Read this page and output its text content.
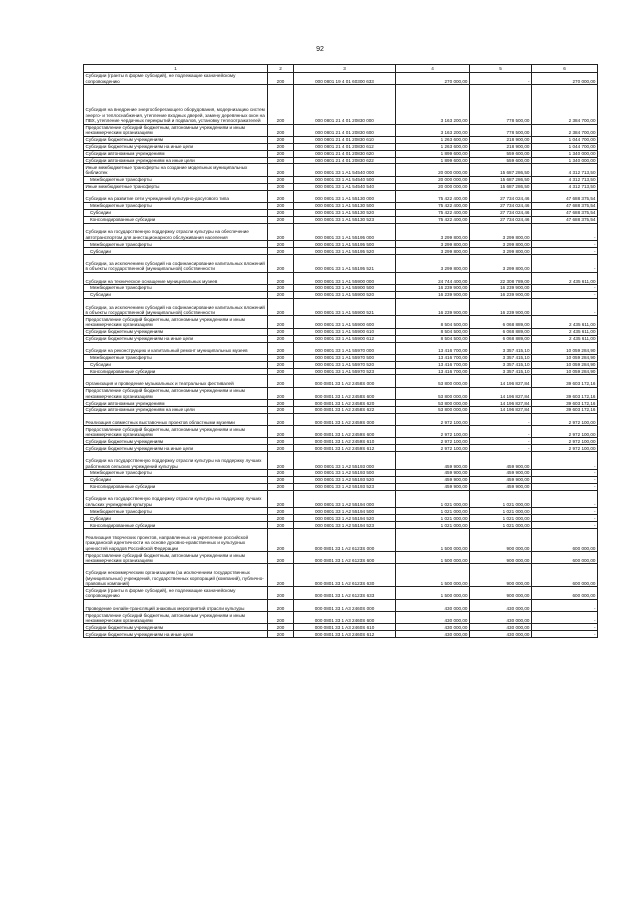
92
1	2	3	4	5	6
Субсидии (гранты в форме субсидий), не подлежащие казначейскому сопровождению	200	000 0801 19 4 01 60300 633	270 000,00	-	270 000,00
Субсидия на внедрение энергосберегающего оборудования, модернизацию систем энерго- и теплоснабжения, утепление входных дверей, замену деревянных окон на ПВХ, утепление чердачных перекрытий и подвалов, установку теплоотражателей	200	000 0801 21 4 01 20830 000	3 163 200,00	778 500,00	2 384 700,00
Предоставление субсидий бюджетным, автономным учреждениям и иным некоммерческим организациям	200	000 0801 21 4 01 20830 600	3 163 200,00	778 500,00	2 384 700,00
Субсидии бюджетным учреждениям	200	000 0801 21 4 01 20830 610	1 263 600,00	218 900,00	1 044 700,00
Субсидии бюджетным учреждениям на иные цели	200	000 0801 21 4 01 20830 612	1 263 600,00	218 900,00	1 044 700,00
Субсидии автономным учреждениям	200	000 0801 21 4 01 20830 620	1 899 600,00	559 600,00	1 340 000,00
Субсидии автономным учреждениям на иные цели	200	000 0801 21 4 01 20830 622	1 899 600,00	559 600,00	1 340 000,00
Иные межбюджетные трансферты на создание модельных муниципальных библиотек	200	000 0801 33 1 A1 54540 000	20 000 000,00	15 687 286,50	4 312 713,50
Межбюджетные трансферты	200	000 0801 33 1 A1 54540 500	20 000 000,00	15 687 286,50	4 312 713,50
Иные межбюджетные трансферты	200	000 0801 33 1 A1 54540 540	20 000 000,00	15 687 286,50	4 312 713,50
Субсидии на развитие сети учреждений культурно-досугового типа	200	000 0801 33 1 A1 55130 000	75 422 400,00	27 734 024,46	47 688 375,54
Межбюджетные трансферты	200	000 0801 33 1 A1 55130 500	75 422 400,00	27 734 024,46	47 688 375,54
Субсидии	200	000 0801 33 1 A1 55130 520	75 422 400,00	27 734 024,46	47 688 375,54
Консолидированные субсидии	200	000 0801 33 1 A1 55130 523	75 422 400,00	27 734 024,46	47 688 375,54
Субсидии на государственную поддержку отрасли культуры на обеспечение автотранспортом для анестационарного обслуживания населения	200	000 0801 33 1 A1 55195 000	3 299 800,00	3 299 800,00	-
Межбюджетные трансферты	200	000 0801 33 1 A1 55195 500	3 299 800,00	3 299 800,00	-
Субсидии	200	000 0801 33 1 A1 55195 520	3 299 800,00	3 299 800,00	-
Субсидии, за исключением субсидий на софинансирование капитальных вложений в объекты государственной (муниципальной) собственности	200	000 0801 33 1 A1 55195 521	3 299 800,00	3 299 800,00	-
Субсидии на техническое оснащение муниципальных музеев	200	000 0801 33 1 A1 55900 000	24 744 400,00	22 308 789,00	2 435 611,00
Межбюджетные трансферты	200	000 0801 33 1 A1 55900 500	16 239 900,00	16 239 900,00	-
Субсидии	200	000 0801 33 1 A1 55900 520	16 239 900,00	16 239 900,00	-
Субсидии, за исключением субсидий на софинансирование капитальных вложений в объекты государственной (муниципальной) собственности	200	000 0801 33 1 A1 55900 521	16 239 900,00	16 239 900,00	-
Предоставление субсидий бюджетным, автономным учреждениям и иным некоммерческим организациям	200	000 0801 33 1 A1 55900 600	8 504 500,00	6 068 889,00	2 435 611,00
Субсидии бюджетным учреждениям	200	000 0801 33 1 A1 55900 610	8 504 500,00	6 068 889,00	2 435 611,00
Субсидии бюджетным учреждениям на иные цели	200	000 0801 33 1 A1 55900 612	8 504 500,00	6 068 889,00	2 435 611,00
Субсидии на реконструкцию и капитальный ремонт муниципальных музеев	200	000 0801 33 1 A1 55970 000	13 416 700,00	3 357 415,10	10 059 284,90
Межбюджетные трансферты	200	000 0801 33 1 A1 55970 500	13 416 700,00	3 357 415,10	10 059 284,90
Субсидии	200	000 0801 33 1 A1 55970 520	13 416 700,00	3 357 415,10	10 059 284,90
Консолидированные субсидии	200	000 0801 33 1 A1 55970 523	13 416 700,00	3 357 415,10	10 059 284,90
Организация и проведение музыкальных и театральных фестивалей	200	000 0801 33 1 A2 2458S 000	53 800 000,00	14 196 827,84	39 603 172,16
Предоставление субсидий бюджетным, автономным учреждениям и иным некоммерческим организациям	200	000 0801 33 1 A2 2458S 600	53 800 000,00	14 196 827,84	39 603 172,16
Субсидии автономным учреждениям	200	000 0801 33 1 A2 2458S 620	53 800 000,00	14 196 827,84	39 603 172,16
Субсидии автономным учреждениям на иные цели	200	000 0801 33 1 A2 2458S 622	53 800 000,00	14 196 827,84	39 603 172,16
Реализация совместных выставочных проектов областными музеями	200	000 0801 33 1 A2 2459S 000	2 972 100,00	-	2 972 100,00
Предоставление субсидий бюджетным, автономным учреждениям и иным некоммерческим организациям	200	000 0801 33 1 A2 2459S 600	2 972 100,00	-	2 972 100,00
Субсидии бюджетным учреждениям	200	000 0801 33 1 A2 2459S 610	2 972 100,00	-	2 972 100,00
Субсидии бюджетным учреждениям на иные цели	200	000 0801 33 1 A2 2459S 612	2 972 100,00	-	2 972 100,00
Субсидии на государственную поддержку отрасли культуры на поддержку лучших работников сельских учреждений культуры	200	000 0801 33 1 A2 55193 000	459 900,00	459 900,00	-
Межбюджетные трансферты	200	000 0801 33 1 A2 55193 500	459 900,00	459 900,00	-
Субсидии	200	000 0801 33 1 A2 55193 520	459 900,00	459 900,00	-
Консолидированные субсидии	200	000 0801 33 1 A2 55193 523	459 900,00	459 900,00	-
Субсидии на государственную поддержку отрасли культуры на поддержку лучших сельских учреждений культуры	200	000 0801 33 1 A2 55194 000	1 021 000,00	1 021 000,00	-
Межбюджетные трансферты	200	000 0801 33 1 A2 55194 500	1 021 000,00	1 021 000,00	-
Субсидии	200	000 0801 33 1 A2 55194 520	1 021 000,00	1 021 000,00	-
Консолидированные субсидии	200	000 0801 33 1 A2 55194 523	1 021 000,00	1 021 000,00	-
Реализация творческих проектов, направленных на укрепление российской гражданской идентичности на основе духовно-нравственных и культурных ценностей народов Российской Федерации	200	000 0801 33 1 A2 6123S 000	1 500 000,00	900 000,00	600 000,00
Предоставление субсидий бюджетным, автономным учреждениям и иным некоммерческим организациям	200	000 0801 33 1 A2 6123S 600	1 500 000,00	900 000,00	600 000,00
Субсидии некоммерческим организациям (за исключением государственных (муниципальных) учреждений, государственных корпораций (компаний), публично-правовых компаний)	200	000 0801 33 1 A2 6123S 630	1 500 000,00	900 000,00	600 000,00
Субсидии (гранты в форме субсидий), не подлежащие казначейскому сопровождению	200	000 0801 33 1 A2 6123S 633	1 500 000,00	900 000,00	600 000,00
Проведение онлайн-трансляций знаковых мероприятий отрасли культуры	200	000 0801 33 1 A3 2460S 000	430 000,00	430 000,00	-
Предоставление субсидий бюджетным, автономным учреждениям и иным некоммерческим организациям	200	000 0801 33 1 A3 2460S 600	430 000,00	430 000,00	-
Субсидии бюджетным учреждениям	200	000 0801 33 1 A3 2460S 610	430 000,00	430 000,00	-
Субсидии бюджетным учреждениям на иные цели	200	000 0801 33 1 A3 2460S 612	430 000,00	430 000,00	-
